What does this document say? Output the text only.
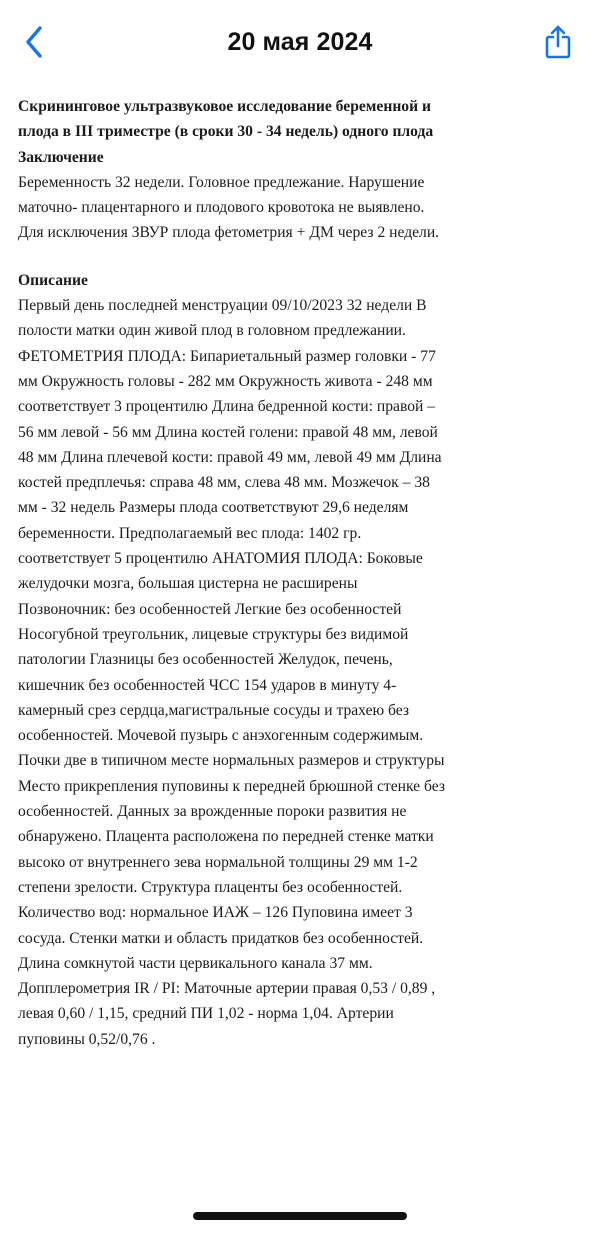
20 мая 2024

Скрининговое ультразвуковое исследование беременной и плода в III триместре (в сроки 30 - 34 недель) одного плода

Заключение

Беременность 32 недели. Головное предлежание. Нарушение маточно- плацентарного и плодового кровотока не выявлено. Для исключения ЗВУР плода фетометрия + ДМ через 2 недели.

Описание

Первый день последней менструации 09/10/2023 32 недели В полости матки один живой плод в головном предлежании. ФЕТОМЕТРИЯ ПЛОДА: Бипариетальный размер головки - 77 мм Окружность головы - 282 мм Окружность живота - 248 мм соответствует 3 процентилю Длина бедренной кости: правой – 56 мм левой - 56 мм Длина костей голени: правой 48 мм, левой 48 мм Длина плечевой кости: правой 49 мм, левой 49 мм Длина костей предплечья: справа 48 мм, слева 48 мм. Мозжечок – 38 мм - 32 недель Размеры плода соответствуют 29,6 неделям беременности. Предполагаемый вес плода: 1402 гр. соответствует 5 процентилю АНАТОМИЯ ПЛОДА: Боковые желудочки мозга, большая цистерна не расширены Позвоночник: без особенностей Легкие без особенностей Носогубной треугольник, лицевые структуры без видимой патологии Глазницы без особенностей Желудок, печень, кишечник без особенностей ЧСС 154 ударов в минуту 4-камерный срез сердца,магистральные сосуды и трахею без особенностей. Мочевой пузырь с анэхогенным содержимым. Почки две в типичном месте нормальных размеров и структуры Место прикрепления пуповины к передней брюшной стенке без особенностей. Данных за врожденные пороки развития не обнаружено. Плацента расположена по передней стенке матки высоко от внутреннего зева нормальной толщины 29 мм 1-2 степени зрелости. Структура плаценты без особенностей. Количество вод: нормальное ИАЖ – 126 Пуповина имеет 3 сосуда. Стенки матки и область придатков без особенностей. Длина сомкнутой части цервикального канала 37 мм. Допплерометрия IR / PI: Маточные артерии правая 0,53 / 0,89 , левая 0,60 / 1,15, средний ПИ 1,02 - норма 1,04. Артерии пуповины 0,52/0,76 .
